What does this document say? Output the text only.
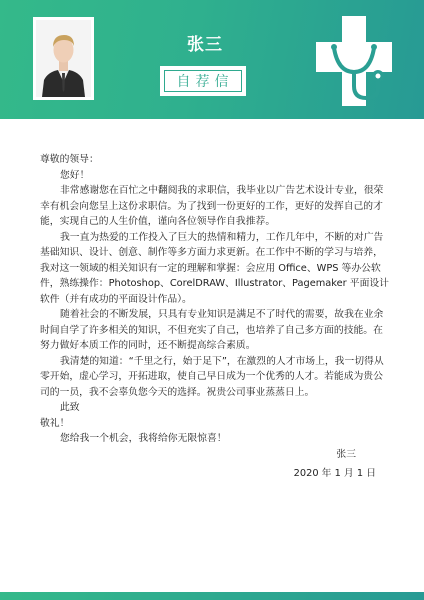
张三
自荐信

尊敬的领导：

您好！

非常感谢您在百忙之中翻阅我的求职信，我毕业以广告艺术设计专业，很荣幸有机会向您呈上这份求职信。为了找到一份更好的工作，更好的发挥自己的才能，实现自己的人生价值，谨向各位领导作自我推荐。

我一直为热爱的工作投入了巨大的热情和精力，工作几年中，不断的对广告基础知识、设计、创意、制作等多方面力求更新。在工作中不断的学习与培养，我对这一领域的相关知识有一定的理解和掌握：会应用 Office、WPS 等办公软件，熟练操作：Photoshop、CorelDRAW、Illustrator、Pagemaker 平面设计软件（并有成功的平面设计作品）。

随着社会的不断发展，只具有专业知识是满足不了时代的需要，故我在业余时间自学了许多相关的知识，不但充实了自己，也培养了自己多方面的技能。在努力做好本质工作的同时，还不断提高综合素质。

我清楚的知道：“千里之行，始于足下”，在激烈的人才市场上，我一切得从零开始，虚心学习，开拓进取，使自己早日成为一个优秀的人才。若能成为贵公司的一员，我不会辜负您今天的选择。祝贵公司事业蒸蒸日上。

此致

敬礼！

您给我一个机会，我将给你无限惊喜！

张三

2020 年 1 月 1 日
